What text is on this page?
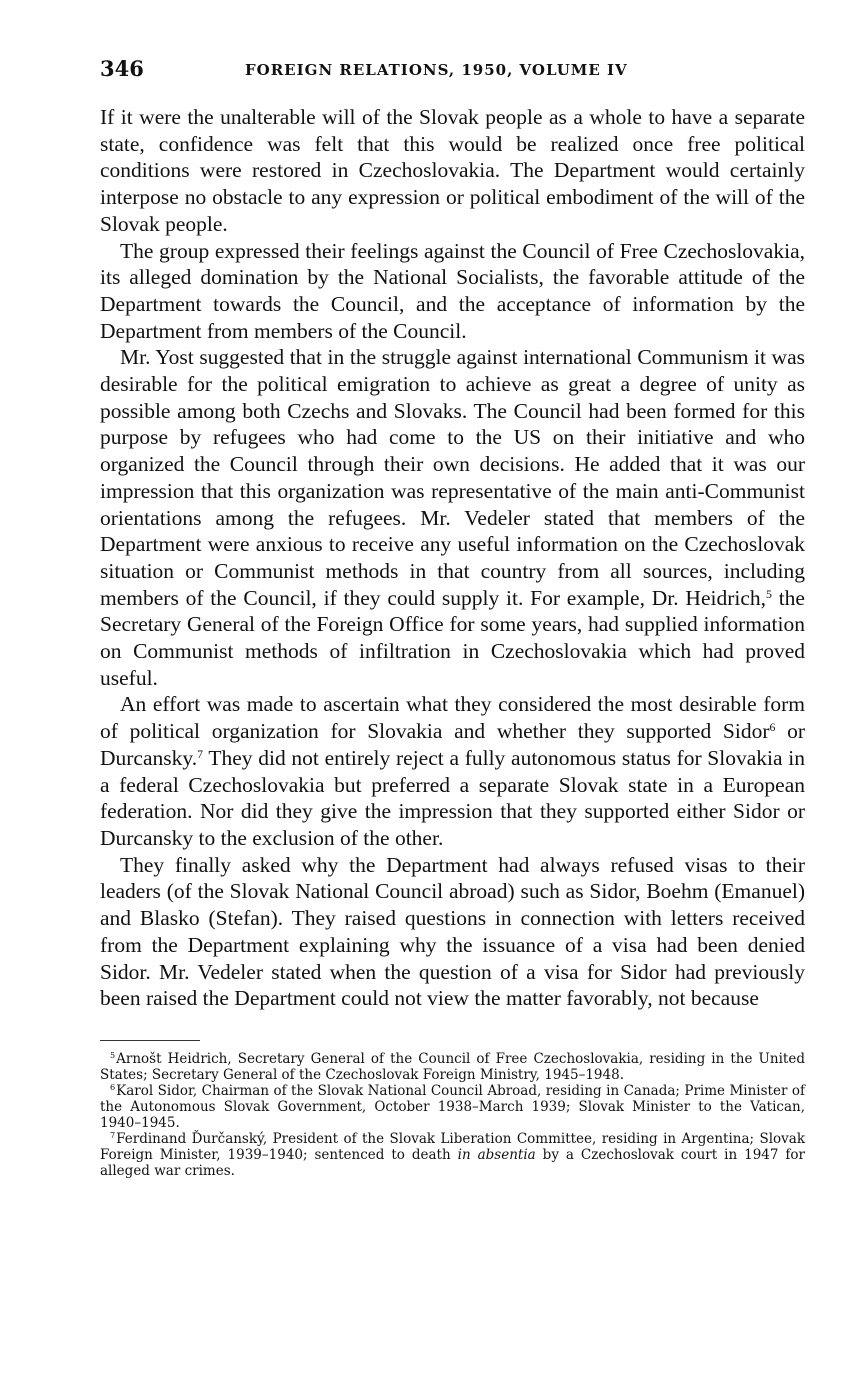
346	FOREIGN RELATIONS, 1950, VOLUME IV

If it were the unalterable will of the Slovak people as a whole to have a separate state, confidence was felt that this would be realized once free political conditions were restored in Czechoslovakia. The Department would certainly interpose no obstacle to any expression or political embodiment of the will of the Slovak people.

The group expressed their feelings against the Council of Free Czechoslovakia, its alleged domination by the National Socialists, the favorable attitude of the Department towards the Council, and the acceptance of information by the Department from members of the Council.

Mr. Yost suggested that in the struggle against international Communism it was desirable for the political emigration to achieve as great a degree of unity as possible among both Czechs and Slovaks. The Council had been formed for this purpose by refugees who had come to the US on their initiative and who organized the Council through their own decisions. He added that it was our impression that this organization was representative of the main anti-Communist orientations among the refugees. Mr. Vedeler stated that members of the Department were anxious to receive any useful information on the Czechoslovak situation or Communist methods in that country from all sources, including members of the Council, if they could supply it. For example, Dr. Heidrich,$^5$ the Secretary General of the Foreign Office for some years, had supplied information on Communist methods of infiltration in Czechoslovakia which had proved useful.

An effort was made to ascertain what they considered the most desirable form of political organization for Slovakia and whether they supported Sidor$^6$ or Durcansky.$^7$ They did not entirely reject a fully autonomous status for Slovakia in a federal Czechoslovakia but preferred a separate Slovak state in a European federation. Nor did they give the impression that they supported either Sidor or Durcansky to the exclusion of the other.

They finally asked why the Department had always refused visas to their leaders (of the Slovak National Council abroad) such as Sidor, Boehm (Emanuel) and Blasko (Stefan). They raised questions in connection with letters received from the Department explaining why the issuance of a visa had been denied Sidor. Mr. Vedeler stated when the question of a visa for Sidor had previously been raised the Department could not view the matter favorably, not because

$^5$Arnošt Heidrich, Secretary General of the Council of Free Czechoslovakia, residing in the United States; Secretary General of the Czechoslovak Foreign Ministry, 1945–1948.

$^6$Karol Sidor, Chairman of the Slovak National Council Abroad, residing in Canada; Prime Minister of the Autonomous Slovak Government, October 1938–March 1939; Slovak Minister to the Vatican, 1940–1945.

$^7$Ferdinand Ďurčanský, President of the Slovak Liberation Committee, residing in Argentina; Slovak Foreign Minister, 1939–1940; sentenced to death in absentia by a Czechoslovak court in 1947 for alleged war crimes.
